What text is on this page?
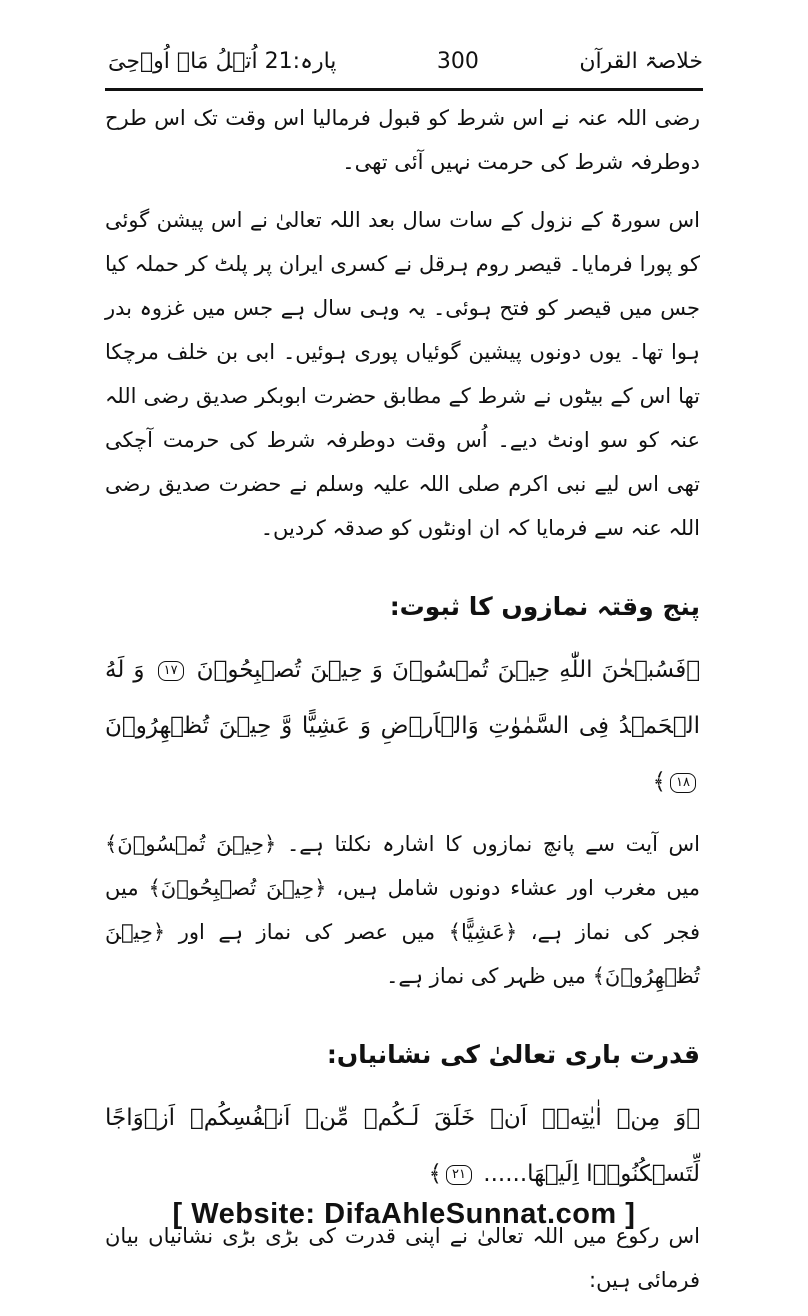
خلاصۃ القرآن
300
پارہ:21 اُتۡلُ مَاۤ اُوۡحِیَ

رضی اللہ عنہ نے اس شرط کو قبول فرمالیا اس وقت تک اس طرح دوطرفہ شرط کی حرمت نہیں آئی تھی۔

اس سورۃ کے نزول کے سات سال بعد اللہ تعالیٰ نے اس پیشن گوئی کو پورا فرمایا۔ قیصر روم ہرقل نے کسری ایران پر پلٹ کر حملہ کیا جس میں قیصر کو فتح ہوئی۔ یہ وہی سال ہے جس میں غزوہ بدر ہوا تھا۔ یوں دونوں پیشین گوئیاں پوری ہوئیں۔ ابی بن خلف مرچکا تھا اس کے بیٹوں نے شرط کے مطابق حضرت ابوبکر صدیق رضی اللہ عنہ کو سو اونٹ دیے۔ اُس وقت دوطرفہ شرط کی حرمت آچکی تھی اس لیے نبی اکرم صلی اللہ علیہ وسلم نے حضرت صدیق رضی اللہ عنہ سے فرمایا کہ ان اونٹوں کو صدقہ کردیں۔

پنج وقتہ نمازوں کا ثبوت:
﴿فَسُبۡحٰنَ اللّٰهِ حِيۡنَ تُمۡسُوۡنَ وَ حِيۡنَ تُصۡبِحُوۡنَ ١٧ وَ لَهُ الۡحَمۡدُ فِى السَّمٰوٰتِ وَالۡاَرۡضِ وَ عَشِيًّا وَّ حِيۡنَ تُظۡهِرُوۡنَ ١٨﴾

اس آیت سے پانچ نمازوں کا اشارہ نکلتا ہے۔ ﴿حِيۡنَ تُمۡسُوۡنَ﴾ میں مغرب اور عشاء دونوں شامل ہیں، ﴿حِيۡنَ تُصۡبِحُوۡنَ﴾ میں فجر کی نماز ہے، ﴿عَشِيًّا﴾ میں عصر کی نماز ہے اور ﴿حِيۡنَ تُظۡهِرُوۡنَ﴾ میں ظہر کی نماز ہے۔

قدرت باری تعالیٰ کی نشانیاں:
﴿وَ مِنۡ اٰيٰتِهٖۤ اَنۡ خَلَقَ لَـكُمۡ مِّنۡ اَنۡفُسِكُمۡ اَزۡوَاجًا لِّتَسۡكُنُوۡۤا اِلَيۡهَا...... ٢١﴾

اس رکوع میں اللہ تعالیٰ نے اپنی قدرت کی بڑی بڑی نشانیاں بیان فرمائی ہیں:

[ Website: DifaAhleSunnat.com ]
